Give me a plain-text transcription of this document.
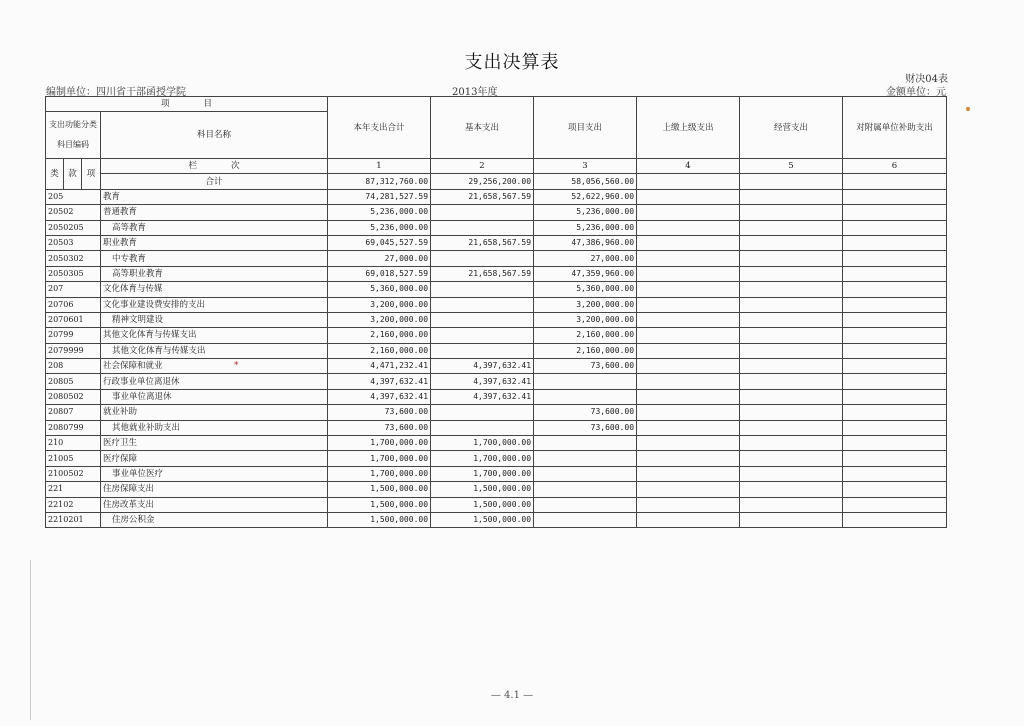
支出决算表
编制单位：四川省干部函授学院	2013年度
财决04表
金额单位：元
项　　　　目				本年支出合计	基本支出	项目支出	上缴上级支出	经营支出	对附属单位补助支出
支出功能分类科目编码			科目名称						

类	款	项	栏　　　　次	1	2	3	4	5	6
			合计	87,312,760.00	29,256,200.00	58,056,560.00			
205			教育	74,281,527.59	21,658,567.59	52,622,960.00			
20502			普通教育	5,236,000.00		5,236,000.00			
2050205			高等教育	5,236,000.00		5,236,000.00			
20503			职业教育	69,045,527.59	21,658,567.59	47,386,960.00			
2050302			中专教育	27,000.00		27,000.00			
2050305			高等职业教育	69,018,527.59	21,658,567.59	47,359,960.00			
207			文化体育与传媒	5,360,000.00		5,360,000.00			
20706			文化事业建设费安排的支出	3,200,000.00		3,200,000.00			
2070601			精神文明建设	3,200,000.00		3,200,000.00			
20799			其他文化体育与传媒支出	2,160,000.00		2,160,000.00			
2079999			其他文化体育与传媒支出	2,160,000.00		2,160,000.00			
208			社会保障和就业	4,471,232.41	4,397,632.41	73,600.00			
20805			行政事业单位离退休	4,397,632.41	4,397,632.41				
2080502			事业单位离退休	4,397,632.41	4,397,632.41				
20807			就业补助	73,600.00		73,600.00			
2080799			其他就业补助支出	73,600.00		73,600.00			
210			医疗卫生	1,700,000.00	1,700,000.00				
21005			医疗保障	1,700,000.00	1,700,000.00				
2100502			事业单位医疗	1,700,000.00	1,700,000.00				
221			住房保障支出	1,500,000.00	1,500,000.00				
22102			住房改革支出	1,500,000.00	1,500,000.00				
2210201			住房公积金	1,500,000.00	1,500,000.00				
*
— 4.1 —
